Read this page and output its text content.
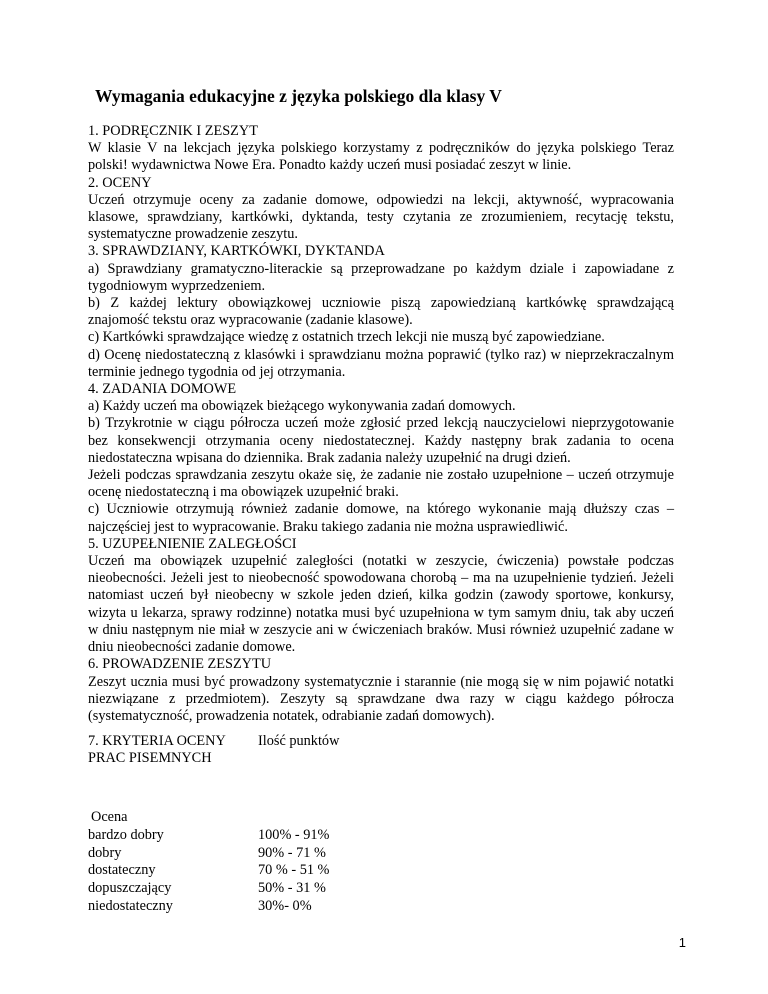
Wymagania edukacyjne z języka polskiego dla klasy V

1. PODRĘCZNIK I ZESZYT

W klasie V na lekcjach języka polskiego korzystamy z podręczników do języka polskiego Teraz polski! wydawnictwa Nowe Era. Ponadto każdy uczeń musi posiadać zeszyt w linie.

2. OCENY

Uczeń otrzymuje oceny za zadanie domowe, odpowiedzi na lekcji, aktywność, wypracowania klasowe, sprawdziany, kartkówki, dyktanda, testy czytania ze zrozumieniem, recytację tekstu, systematyczne prowadzenie zeszytu.

3. SPRAWDZIANY, KARTKÓWKI, DYKTANDA

a) Sprawdziany gramatyczno-literackie są przeprowadzane po każdym dziale i zapowiadane z tygodniowym wyprzedzeniem.

b) Z każdej lektury obowiązkowej uczniowie piszą zapowiedzianą kartkówkę sprawdzającą znajomość tekstu oraz wypracowanie (zadanie klasowe).

c) Kartkówki sprawdzające wiedzę z ostatnich trzech lekcji nie muszą być zapowiedziane.

d) Ocenę niedostateczną z klasówki i sprawdzianu można poprawić (tylko raz) w nieprzekraczalnym terminie jednego tygodnia od jej otrzymania.

4. ZADANIA DOMOWE

a) Każdy uczeń ma obowiązek bieżącego wykonywania zadań domowych.

b) Trzykrotnie w ciągu półrocza uczeń może zgłosić przed lekcją nauczycielowi nieprzygotowanie bez konsekwencji otrzymania oceny niedostatecznej. Każdy następny brak zadania to ocena niedostateczna wpisana do dziennika. Brak zadania należy uzupełnić na drugi dzień.

Jeżeli podczas sprawdzania zeszytu okaże się, że zadanie nie zostało uzupełnione – uczeń otrzymuje ocenę niedostateczną i ma obowiązek uzupełnić braki.

c) Uczniowie otrzymują również zadanie domowe, na którego wykonanie mają dłuższy czas – najczęściej jest to wypracowanie. Braku takiego zadania nie można usprawiedliwić.

5. UZUPEŁNIENIE ZALEGŁOŚCI

Uczeń ma obowiązek uzupełnić zaległości (notatki w zeszycie, ćwiczenia) powstałe podczas nieobecności. Jeżeli jest to nieobecność spowodowana chorobą – ma na uzupełnienie tydzień. Jeżeli natomiast uczeń był nieobecny w szkole jeden dzień, kilka godzin (zawody sportowe, konkursy, wizyta u lekarza, sprawy rodzinne) notatka musi być uzupełniona w tym samym dniu, tak aby uczeń w dniu następnym nie miał w zeszycie ani w ćwiczeniach braków. Musi również uzupełnić zadane w dniu nieobecności zadanie domowe.

6. PROWADZENIE ZESZYTU

Zeszyt ucznia musi być prowadzony systematycznie i starannie (nie mogą się w nim pojawić notatki niezwiązane z przedmiotem). Zeszyty są sprawdzane dwa razy w ciągu każdego półrocza (systematyczność, prowadzenia notatek, odrabianie zadań domowych).

7. KRYTERIA OCENY	Ilość punktów
PRAC PISEMNYCH
Ocena
bardzo dobry	100% - 91%
dobry	90% - 71 %
dostateczny	70 % - 51 %
dopuszczający	50% - 31 %
niedostateczny	30%- 0%
1
